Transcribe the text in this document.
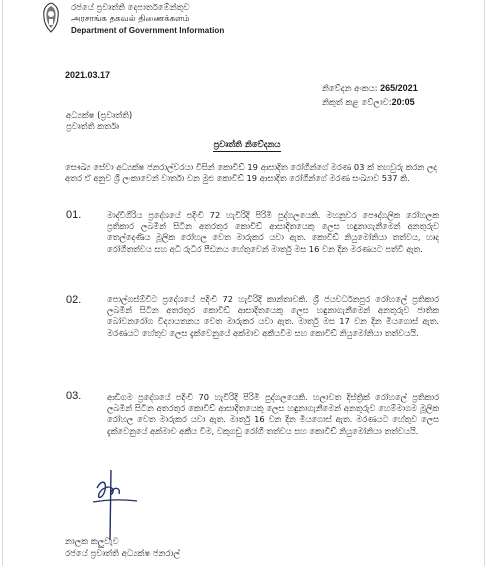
රජයේ ප්‍රවෘත්ති දෙපාර්තමේන්තුව
அரசாங்க தகவல் திணைக்களம்
Department of Government Information
2021.03.17
නිවේදන අංකය: 265/2021
නිකුත් කළ වේලාව:20:05
අධ්‍යක්ෂ (ප්‍රවෘත්ති)
ප්‍රවෘත්ති කර්තෘ
ප්‍රවෘත්ති නිවේදනය
සෞඛ්‍ය සේවා අධ්‍යක්ෂ ජනරාල්වරයා විසින් කොවිඩ් 19 ආසාදිත රෝගීන්ගේ මරණ 03 ක් තහවුරු කරන ලද අතර ඒ අනුව ශ්‍රී ලංකාවෙන් වාර්තා වන මුළු කොවිඩ් 19 ආසාදිත රෝගීන්ගේ මරණ සංඛ්‍යාව 537 කි.
01.	මාද්වීගිරිය ප්‍රදේශයේ පදිංචි 72 හැවිරිදි පිරිමි පුද්ගලයෙකි. මහනුවර පෞද්ගලික රෝහලක ප්‍රතිකාර ලබමින් සිටින අතරතුර කොවිඩ් ආසාදිතයෙකු ලෙස හඳුනාගැනීමෙන් අනතුරුව තෙල්දෙණිය මූලික රෝහල වෙත මාරුකර යවා ඇත. කොවිඩ් නියුමෝනියා තත්වය, හෘද රෝගීතත්වය සහ අධි රුධිර පීඩනය හේතුවෙන් මාර්තු මස 16 වන දින මරණයට පත්වී ඇත.
02.	පොල්ගස්ඕවිට ප්‍රදේශයේ පදිංචි 72 හැවිරිදි කාන්තාවකි. ශ්‍රී ජයවර්ධනපුර රෝහලේ ප්‍රතිකාර ලබමින් සිටින අතරතුර කොවිඩ් ආසාදිතයෙකු ලෙස හඳුනාගැනීමෙන් අනතුරුව ජාතික බෝවනරෝග විද්‍යායතනය වෙත මාරුකර යවා ඇත. මාර්තු මස 17 වන දින මියගොස් ඇත. මරණයට හේතුව ලෙස දැක්වෙනුයේ අක්මාව අකීයවීම සහ කොවිඩ් නියුමෝනියා තත්වයයි.
03.	ආඩිගම ප්‍රදේශයේ පදිංචි 70 හැවිරිදි පිරිමි පුද්ගලයෙකි. හලාවත දිස්ත්‍රික් රෝහලේ ප්‍රතිකාර ලබමින් සිටින අතරතුර කොවිඩ් ආසාදිතයෙකු ලෙස හඳුනාගැනීමෙන් අනතුරුව හෙම්මාගම මූලික රෝහල වෙත මාරුකර යවා ඇත. මාර්තු 16 වන දින මියගොස් ඇත. මරණයට හේතුව ලෙස දැක්වෙනුයේ අක්මාව අකීය වීම, වකුගඩු රෝගී තත්වය සහ කොවිඩ් නියුමෝනියා තත්වයයි.
නාලක කලුවැව
රජයේ ප්‍රවෘත්ති අධ්‍යක්ෂ ජනරාල්
